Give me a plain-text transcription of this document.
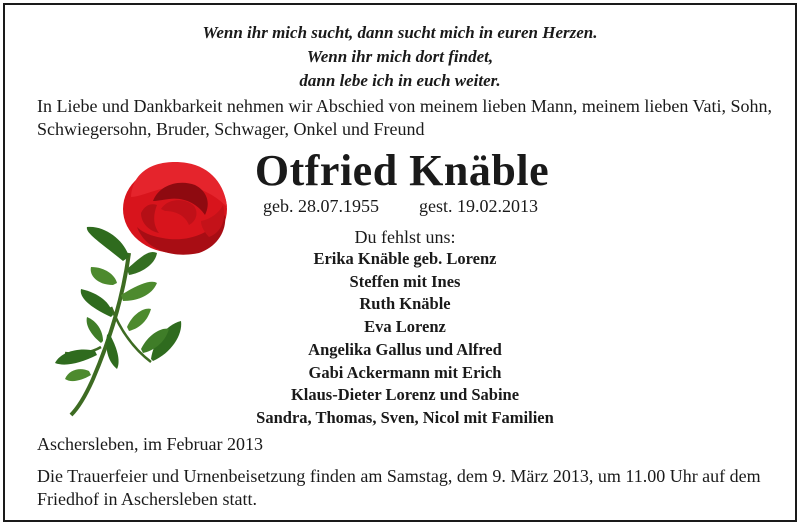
Wenn ihr mich sucht, dann sucht mich in euren Herzen.
Wenn ihr mich dort findet,
dann lebe ich in euch weiter.
In Liebe und Dankbarkeit nehmen wir Abschied von meinem lieben Mann, meinem lieben Vati, Sohn, Schwiegersohn, Bruder, Schwager, Onkel und Freund
Otfried Knäble
geb. 28.07.1955 gest. 19.02.2013
Du fehlst uns:
Erika Knäble geb. Lorenz
Steffen mit Ines
Ruth Knäble
Eva Lorenz
Angelika Gallus und Alfred
Gabi Ackermann mit Erich
Klaus-Dieter Lorenz und Sabine
Sandra, Thomas, Sven, Nicol mit Familien
Aschersleben, im Februar 2013
Die Trauerfeier und Urnenbeisetzung finden am Samstag, dem 9. März 2013, um 11.00 Uhr auf dem Friedhof in Aschersleben statt.
